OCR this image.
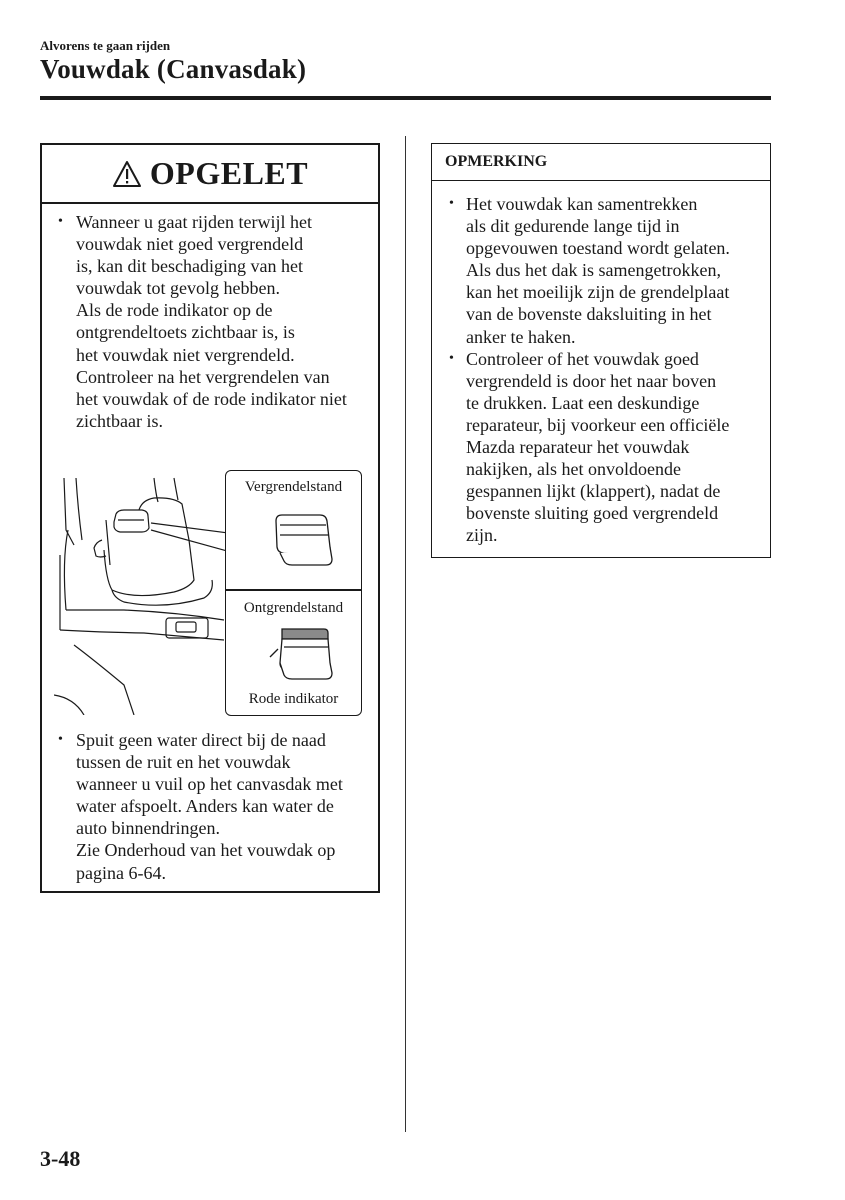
Alvorens te gaan rijden
Vouwdak (Canvasdak)
OPGELET
• Wanneer u gaat rijden terwijl het

vouwdak niet goed vergrendeld

is, kan dit beschadiging van het

vouwdak tot gevolg hebben.

Als de rode indikator op de

ontgrendeltoets zichtbaar is, is

het vouwdak niet vergrendeld.

Controleer na het vergrendelen van

het vouwdak of de rode indikator niet

zichtbaar is.

• Spuit geen water direct bij de naad

tussen de ruit en het vouwdak

wanneer u vuil op het canvasdak met

water afspoelt. Anders kan water de

auto binnendringen.

Zie Onderhoud van het vouwdak op

pagina 6-64.

Vergrendelstand
Ontgrendelstand
Rode indikator
OPMERKING
• Het vouwdak kan samentrekken

als dit gedurende lange tijd in

opgevouwen toestand wordt gelaten.

Als dus het dak is samengetrokken,

kan het moeilijk zijn de grendelplaat

van de bovenste daksluiting in het

anker te haken.

• Controleer of het vouwdak goed

vergrendeld is door het naar boven

te drukken. Laat een deskundige

reparateur, bij voorkeur een officiële

Mazda reparateur het vouwdak

nakijken, als het onvoldoende

gespannen lijkt (klappert), nadat de

bovenste sluiting goed vergrendeld

zijn.

3-48
